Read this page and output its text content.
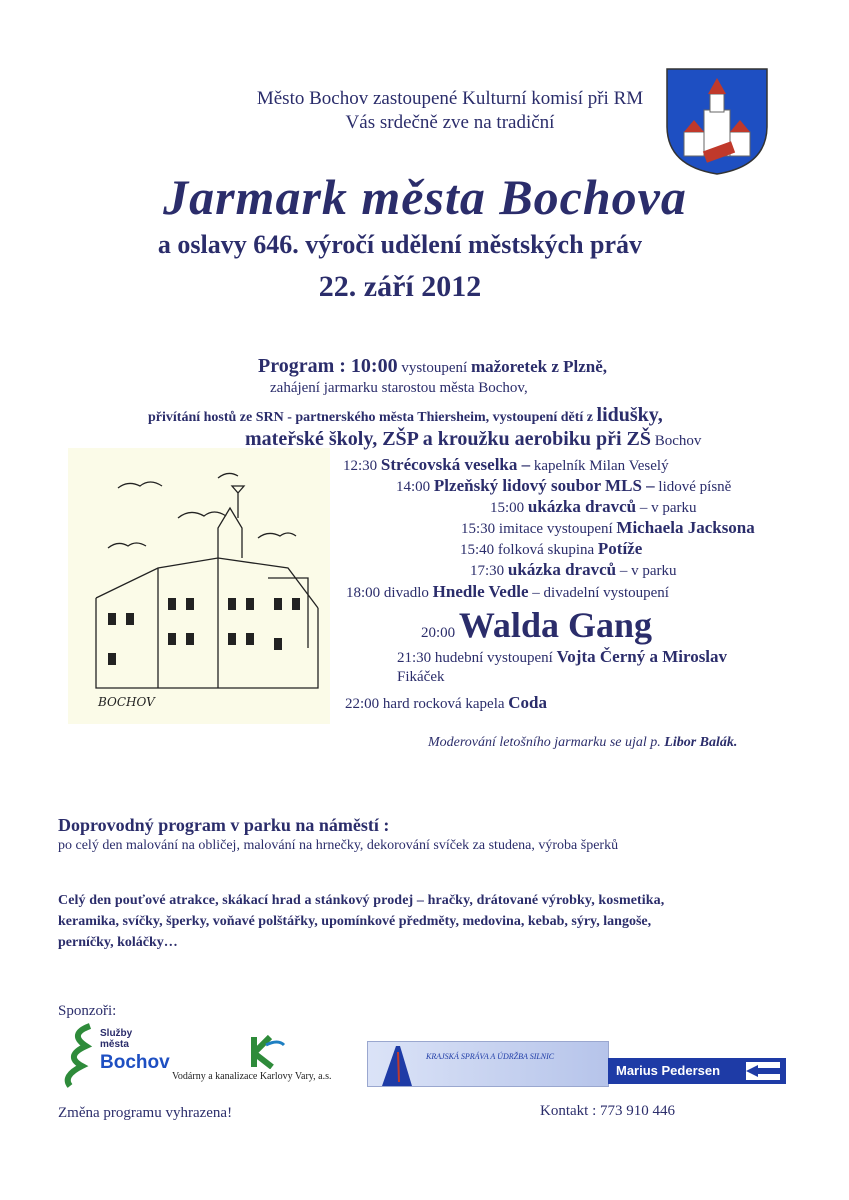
Město Bochov zastoupené Kulturní komisí při RM
Vás srdečně zve na tradiční
Jarmark města Bochova
a oslavy 646. výročí udělení městských práv
22. září 2012
Program : 10:00 vystoupení mažoretek z Plzně,
zahájení jarmarku starostou města Bochov,
přivítání hostů ze SRN - partnerského města Thiersheim, vystoupení dětí z lidušky,
mateřské školy, ZŠP a kroužku aerobiku při ZŠ Bochov
BOCHOV
12:30 Strécovská veselka – kapelník Milan Veselý
14:00 Plzeňský lidový soubor MLS – lidové písně
15:00 ukázka dravců – v parku
15:30 imitace vystoupení Michaela Jacksona
15:40 folková skupina Potíže
17:30 ukázka dravců – v parku
18:00 divadlo Hnedle Vedle – divadelní vystoupení
20:00 Walda Gang
21:30 hudební vystoupení Vojta Černý a Miroslav
Fikáček
22:00 hard rocková kapela Coda
Moderování letošního jarmarku se ujal p. Libor Balák.
Doprovodný program v parku na náměstí :
po celý den malování na obličej, malování na hrnečky, dekorování svíček za studena, výroba šperků
Celý den pouťové atrakce, skákací hrad a stánkový prodej – hračky, drátované výrobky, kosmetika,
keramika, svíčky, šperky, voňavé polštářky, upomínkové předměty, medovina, kebab, sýry, langoše,
perníčky, koláčky…
Sponzoři:
Služby
města
Bochov
Vodárny a kanalizace Karlovy Vary, a.s.
KRAJSKÁ SPRÁVA A ÚDRŽBA SILNIC
Marius Pedersen
Změna programu vyhrazena!	Kontakt : 773 910 446
